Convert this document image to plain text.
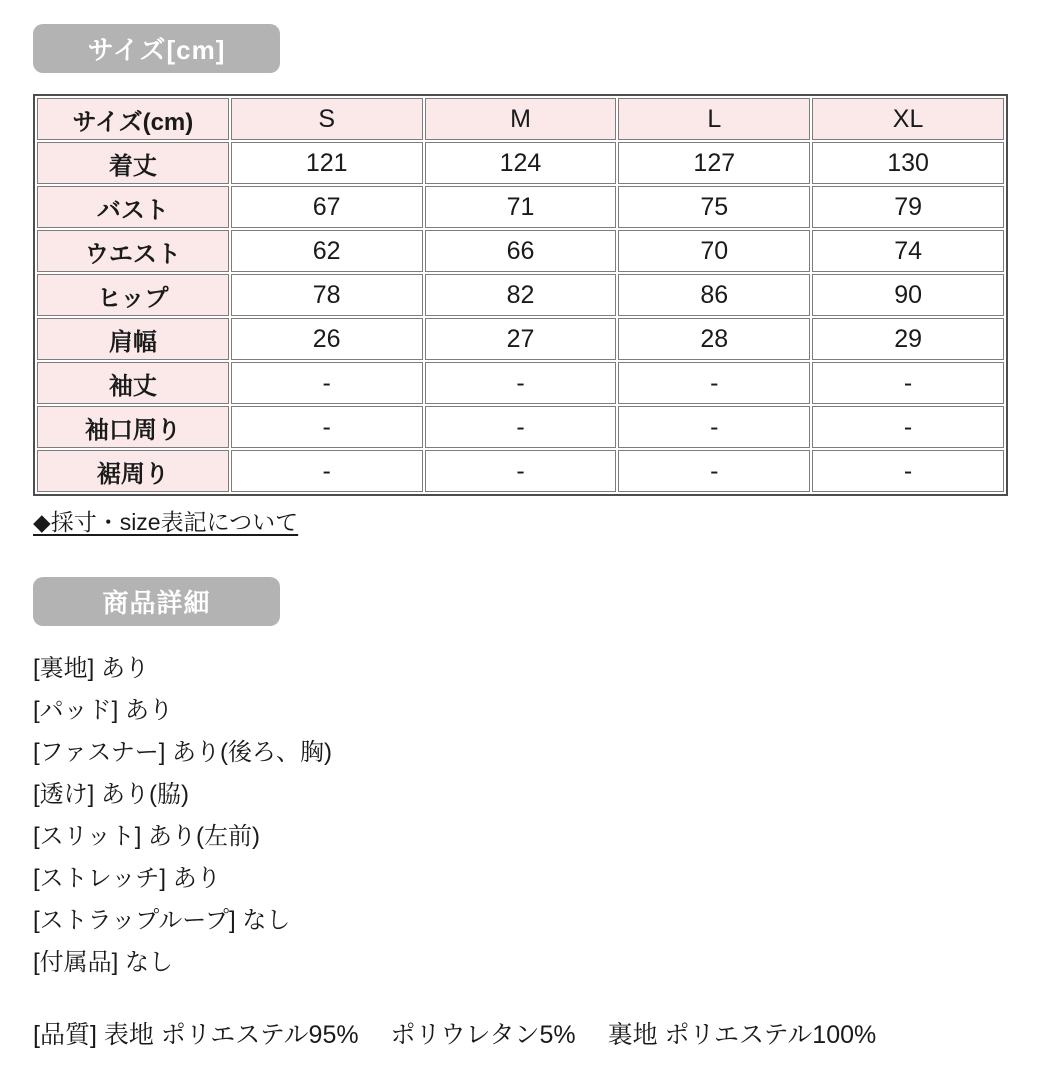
サイズ[cm]
サイズ(cm)	S	M	L	XL
着丈	121	124	127	130
バスト	67	71	75	79
ウエスト	62	66	70	74
ヒップ	78	82	86	90
肩幅	26	27	28	29
袖丈	-	-	-	-
袖口周り	-	-	-	-
裾周り	-	-	-	-
◆採寸・size表記について
商品詳細
[裏地] あり
[パッド] あり
[ファスナー] あり(後ろ、胸)
[透け] あり(脇)
[スリット] あり(左前)
[ストレッチ] あり
[ストラップループ] なし
[付属品] なし
[品質] 表地 ポリエステル95%　 ポリウレタン5%　 裏地 ポリエステル100%
